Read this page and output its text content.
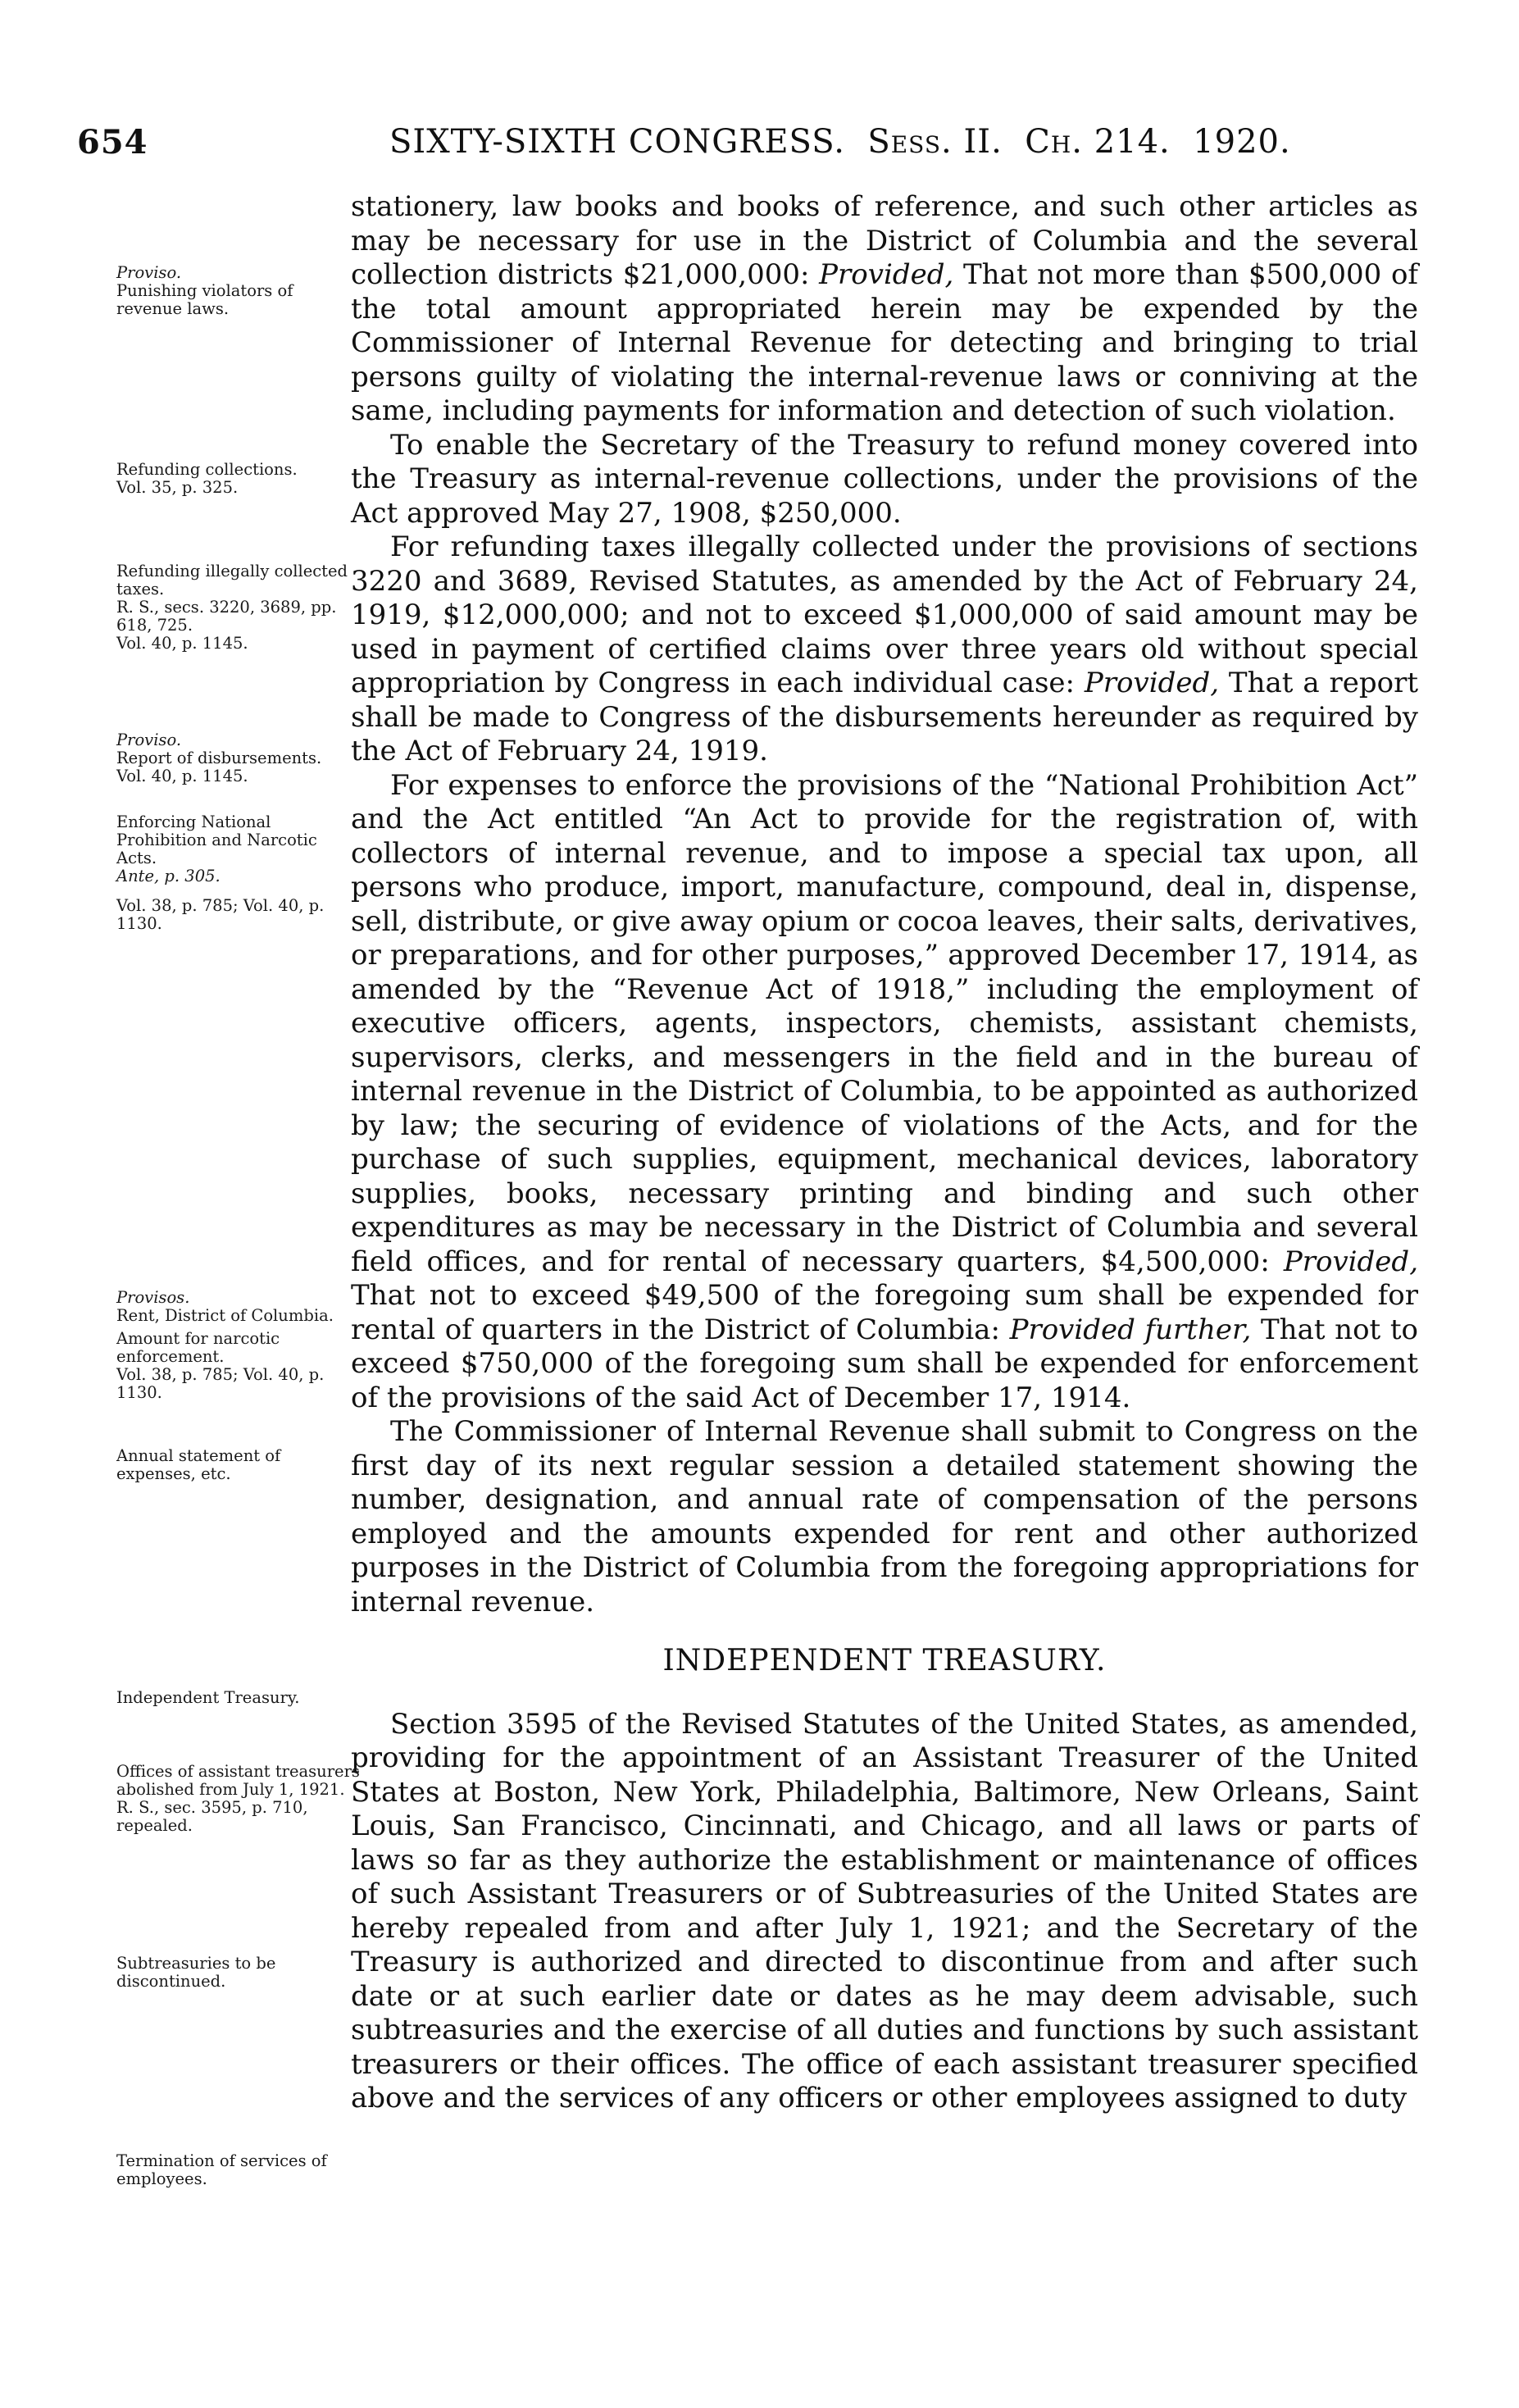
654	SIXTY-SIXTH CONGRESS. Sess. II. Ch. 214. 1920.

stationery, law books and books of reference, and such other articles as may be necessary for use in the District of Columbia and the several collection districts $21,000,000: Provided, That not more than $500,000 of the total amount appropriated herein may be expended by the Commissioner of Internal Revenue for detecting and bringing to trial persons guilty of violating the internal-revenue laws or conniving at the same, including payments for information and detection of such violation.

To enable the Secretary of the Treasury to refund money covered into the Treasury as internal-revenue collections, under the provisions of the Act approved May 27, 1908, $250,000.

For refunding taxes illegally collected under the provisions of sections 3220 and 3689, Revised Statutes, as amended by the Act of February 24, 1919, $12,000,000; and not to exceed $1,000,000 of said amount may be used in payment of certified claims over three years old without special appropriation by Congress in each individual case: Provided, That a report shall be made to Congress of the disbursements hereunder as required by the Act of February 24, 1919.

For expenses to enforce the provisions of the “National Prohibition Act” and the Act entitled “An Act to provide for the registration of, with collectors of internal revenue, and to impose a special tax upon, all persons who produce, import, manufacture, compound, deal in, dispense, sell, distribute, or give away opium or cocoa leaves, their salts, derivatives, or preparations, and for other purposes,” approved December 17, 1914, as amended by the “Revenue Act of 1918,” including the employment of executive officers, agents, inspectors, chemists, assistant chemists, supervisors, clerks, and messengers in the field and in the bureau of internal revenue in the District of Columbia, to be appointed as authorized by law; the securing of evidence of violations of the Acts, and for the purchase of such supplies, equipment, mechanical devices, laboratory supplies, books, necessary printing and binding and such other expenditures as may be necessary in the District of Columbia and several field offices, and for rental of necessary quarters, $4,500,000: Provided, That not to exceed $49,500 of the foregoing sum shall be expended for rental of quarters in the District of Columbia: Provided further, That not to exceed $750,000 of the foregoing sum shall be expended for enforcement of the provisions of the said Act of December 17, 1914.

The Commissioner of Internal Revenue shall submit to Congress on the first day of its next regular session a detailed statement showing the number, designation, and annual rate of compensation of the persons employed and the amounts expended for rent and other authorized purposes in the District of Columbia from the foregoing appropriations for internal revenue.

INDEPENDENT TREASURY.

Section 3595 of the Revised Statutes of the United States, as amended, providing for the appointment of an Assistant Treasurer of the United States at Boston, New York, Philadelphia, Baltimore, New Orleans, Saint Louis, San Francisco, Cincinnati, and Chicago, and all laws or parts of laws so far as they authorize the establishment or maintenance of offices of such Assistant Treasurers or of Subtreasuries of the United States are hereby repealed from and after July 1, 1921; and the Secretary of the Treasury is authorized and directed to discontinue from and after such date or at such earlier date or dates as he may deem advisable, such subtreasuries and the exercise of all duties and functions by such assistant treasurers or their offices. The office of each assistant treasurer specified above and the services of any officers or other employees assigned to duty

Proviso.
Punishing violators of revenue laws.
Refunding collections.
Vol. 35, p. 325.
Refunding illegally collected taxes.
R. S., secs. 3220, 3689, pp. 618, 725.
Vol. 40, p. 1145.
Proviso.
Report of disbursements.
Vol. 40, p. 1145.
Enforcing National Prohibition and Narcotic Acts.
Ante, p. 305.
Vol. 38, p. 785; Vol. 40, p. 1130.
Provisos.
Rent, District of Columbia.
Amount for narcotic enforcement.
Vol. 38, p. 785; Vol. 40, p. 1130.
Annual statement of expenses, etc.
Independent Treasury.
Offices of assistant treasurers abolished from July 1, 1921.
R. S., sec. 3595, p. 710, repealed.
Subtreasuries to be discontinued.
Termination of services of employees.
